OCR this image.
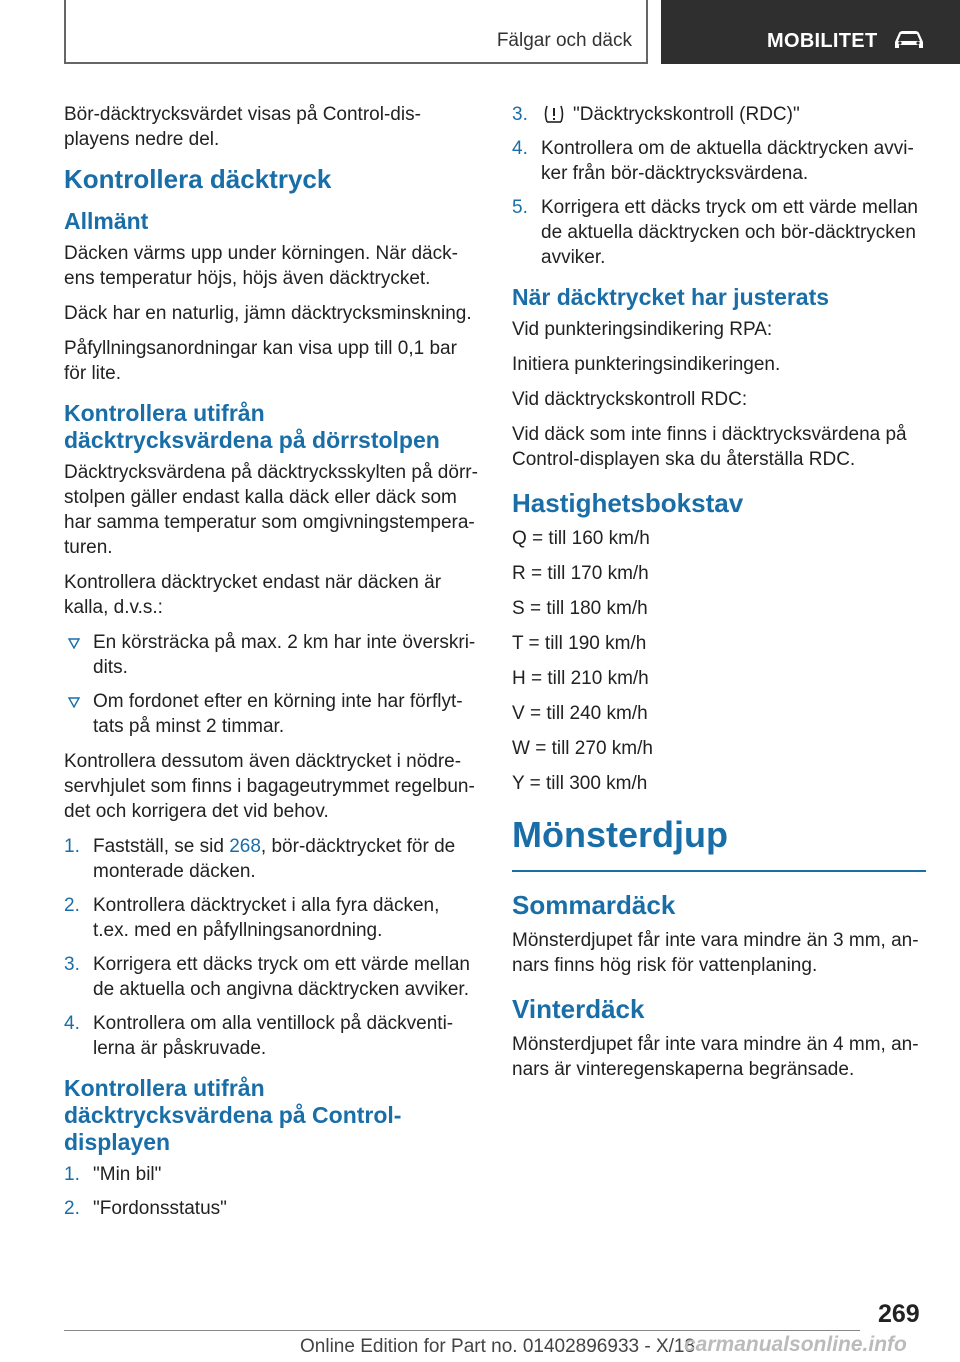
Fälgar och däck	MOBILITET

Bör-däcktrycksvärdet visas på Control-dis-playens nedre del.

Kontrollera däcktryck
Allmänt

Däcken värms upp under körningen. När däck-ens temperatur höjs, höjs även däcktrycket.

Däck har en naturlig, jämn däcktrycksminskning.

Påfyllningsanordningar kan visa upp till 0,1 bar för lite.

Kontrollera utifrån däcktrycksvärdena på dörrstolpen

Däcktrycksvärdena på däcktrycksskylten på dörr-stolpen gäller endast kalla däck eller däck som har samma temperatur som omgivningstempera-turen.

Kontrollera däcktrycket endast när däcken är kalla, d.v.s.:

En körsträcka på max. 2 km har inte överskri-dits.
Om fordonet efter en körning inte har förflyt-tats på minst 2 timmar.

Kontrollera dessutom även däcktrycket i nödre-servhjulet som finns i bagageutrymmet regelbun-det och korrigera det vid behov.

1. Fastställ, se sid 268, bör-däcktrycket för de monterade däcken.
2. Kontrollera däcktrycket i alla fyra däcken, t.ex. med en påfyllningsanordning.
3. Korrigera ett däcks tryck om ett värde mellan de aktuella och angivna däcktrycken avviker.
4. Kontrollera om alla ventillock på däckventi-lerna är påskruvade.
Kontrollera utifrån däcktrycksvärdena på Control-displayen
1. "Min bil"
2. "Fordonsstatus"
3. "Däcktryckskontroll (RDC)"
4. Kontrollera om de aktuella däcktrycken avvi-ker från bör-däcktrycksvärdena.
5. Korrigera ett däcks tryck om ett värde mellan de aktuella däcktrycken och bör-däcktrycken avviker.
När däcktrycket har justerats

Vid punkteringsindikering RPA:

Initiera punkteringsindikeringen.

Vid däcktryckskontroll RDC:

Vid däck som inte finns i däcktrycksvärdena på Control-displayen ska du återställa RDC.

Hastighetsbokstav

Q = till 160 km/h

R = till 170 km/h

S = till 180 km/h

T = till 190 km/h

H = till 210 km/h

V = till 240 km/h

W = till 270 km/h

Y = till 300 km/h

Mönsterdjup
Sommardäck

Mönsterdjupet får inte vara mindre än 3 mm, an-nars finns hög risk för vattenplaning.

Vinterdäck

Mönsterdjupet får inte vara mindre än 4 mm, an-nars är vinteregenskaperna begränsade.

269
Online Edition for Part no. 01402896933 - X/18
carmanualsonline.info
